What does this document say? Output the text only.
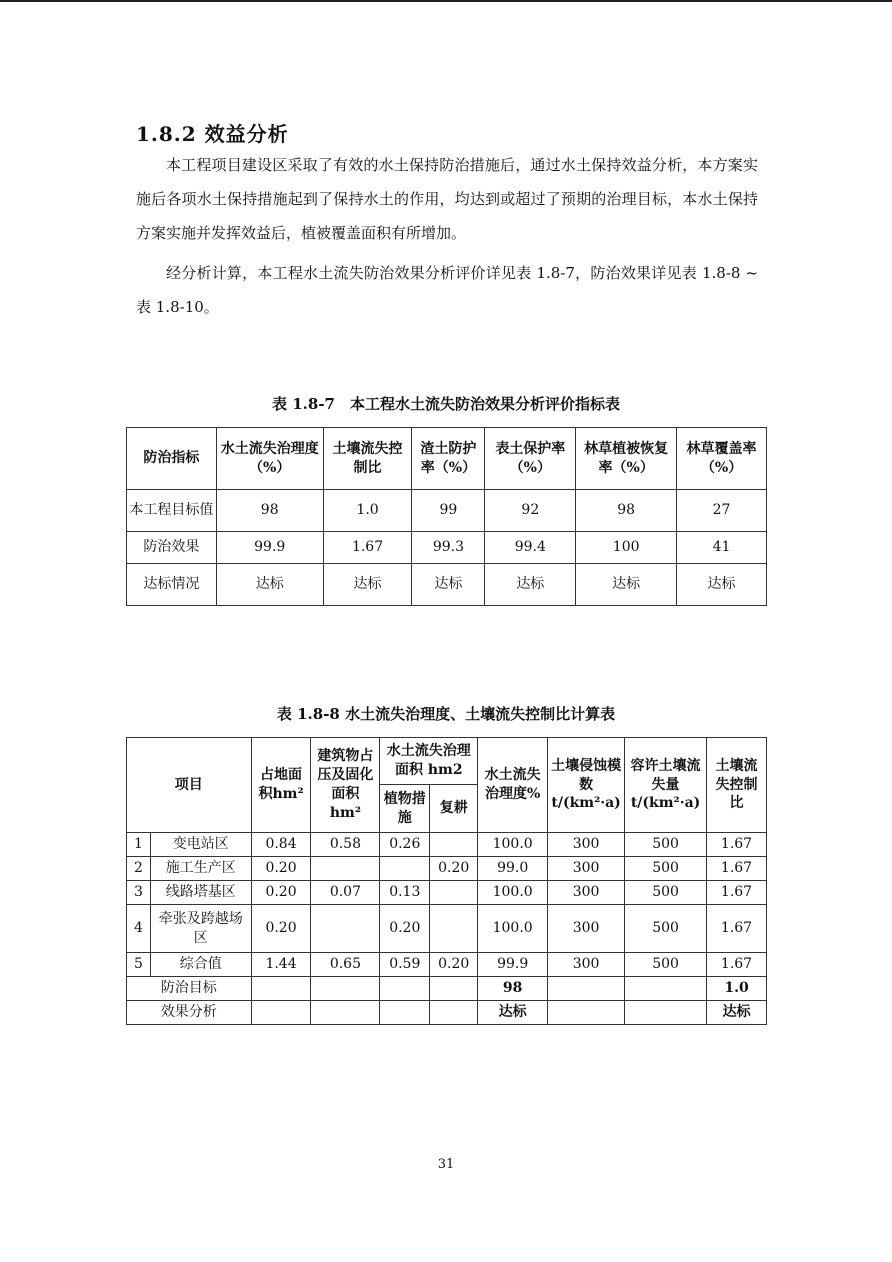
1.8.2 效益分析

本工程项目建设区采取了有效的水土保持防治措施后，通过水土保持效益分析，本方案实施后各项水土保持措施起到了保持水土的作用，均达到或超过了预期的治理目标，本水土保持方案实施并发挥效益后，植被覆盖面积有所增加。

经分析计算，本工程水土流失防治效果分析评价详见表 1.8-7，防治效果详见表 1.8-8 ~ 表 1.8-10。

表 1.8-7　本工程水土流失防治效果分析评价指标表
防治指标	水土流失治理度（%）	土壤流失控制比	渣土防护率（%）	表土保护率（%）	林草植被恢复率（%）	林草覆盖率（%）
本工程目标值	98	1.0	99	92	98	27
防治效果	99.9	1.67	99.3	99.4	100	41
达标情况	达标	达标	达标	达标	达标	达标
表 1.8-8 水土流失治理度、土壤流失控制比计算表
项目		占地面积hm²	建筑物占压及固化面积 hm²	水土流失治理面积 hm2		水土流失治理度%	土壤侵蚀模数t/(km²·a)	容许土壤流失量t/(km²·a)	土壤流失控制比
				植物措施	复耕				
1	变电站区	0.84	0.58	0.26		100.0	300	500	1.67
2	施工生产区	0.20			0.20	99.0	300	500	1.67
3	线路塔基区	0.20	0.07	0.13		100.0	300	500	1.67
4	牵张及跨越场区	0.20		0.20		100.0	300	500	1.67
5	综合值	1.44	0.65	0.59	0.20	99.9	300	500	1.67
防治目标						98			1.0
效果分析						达标			达标
31
